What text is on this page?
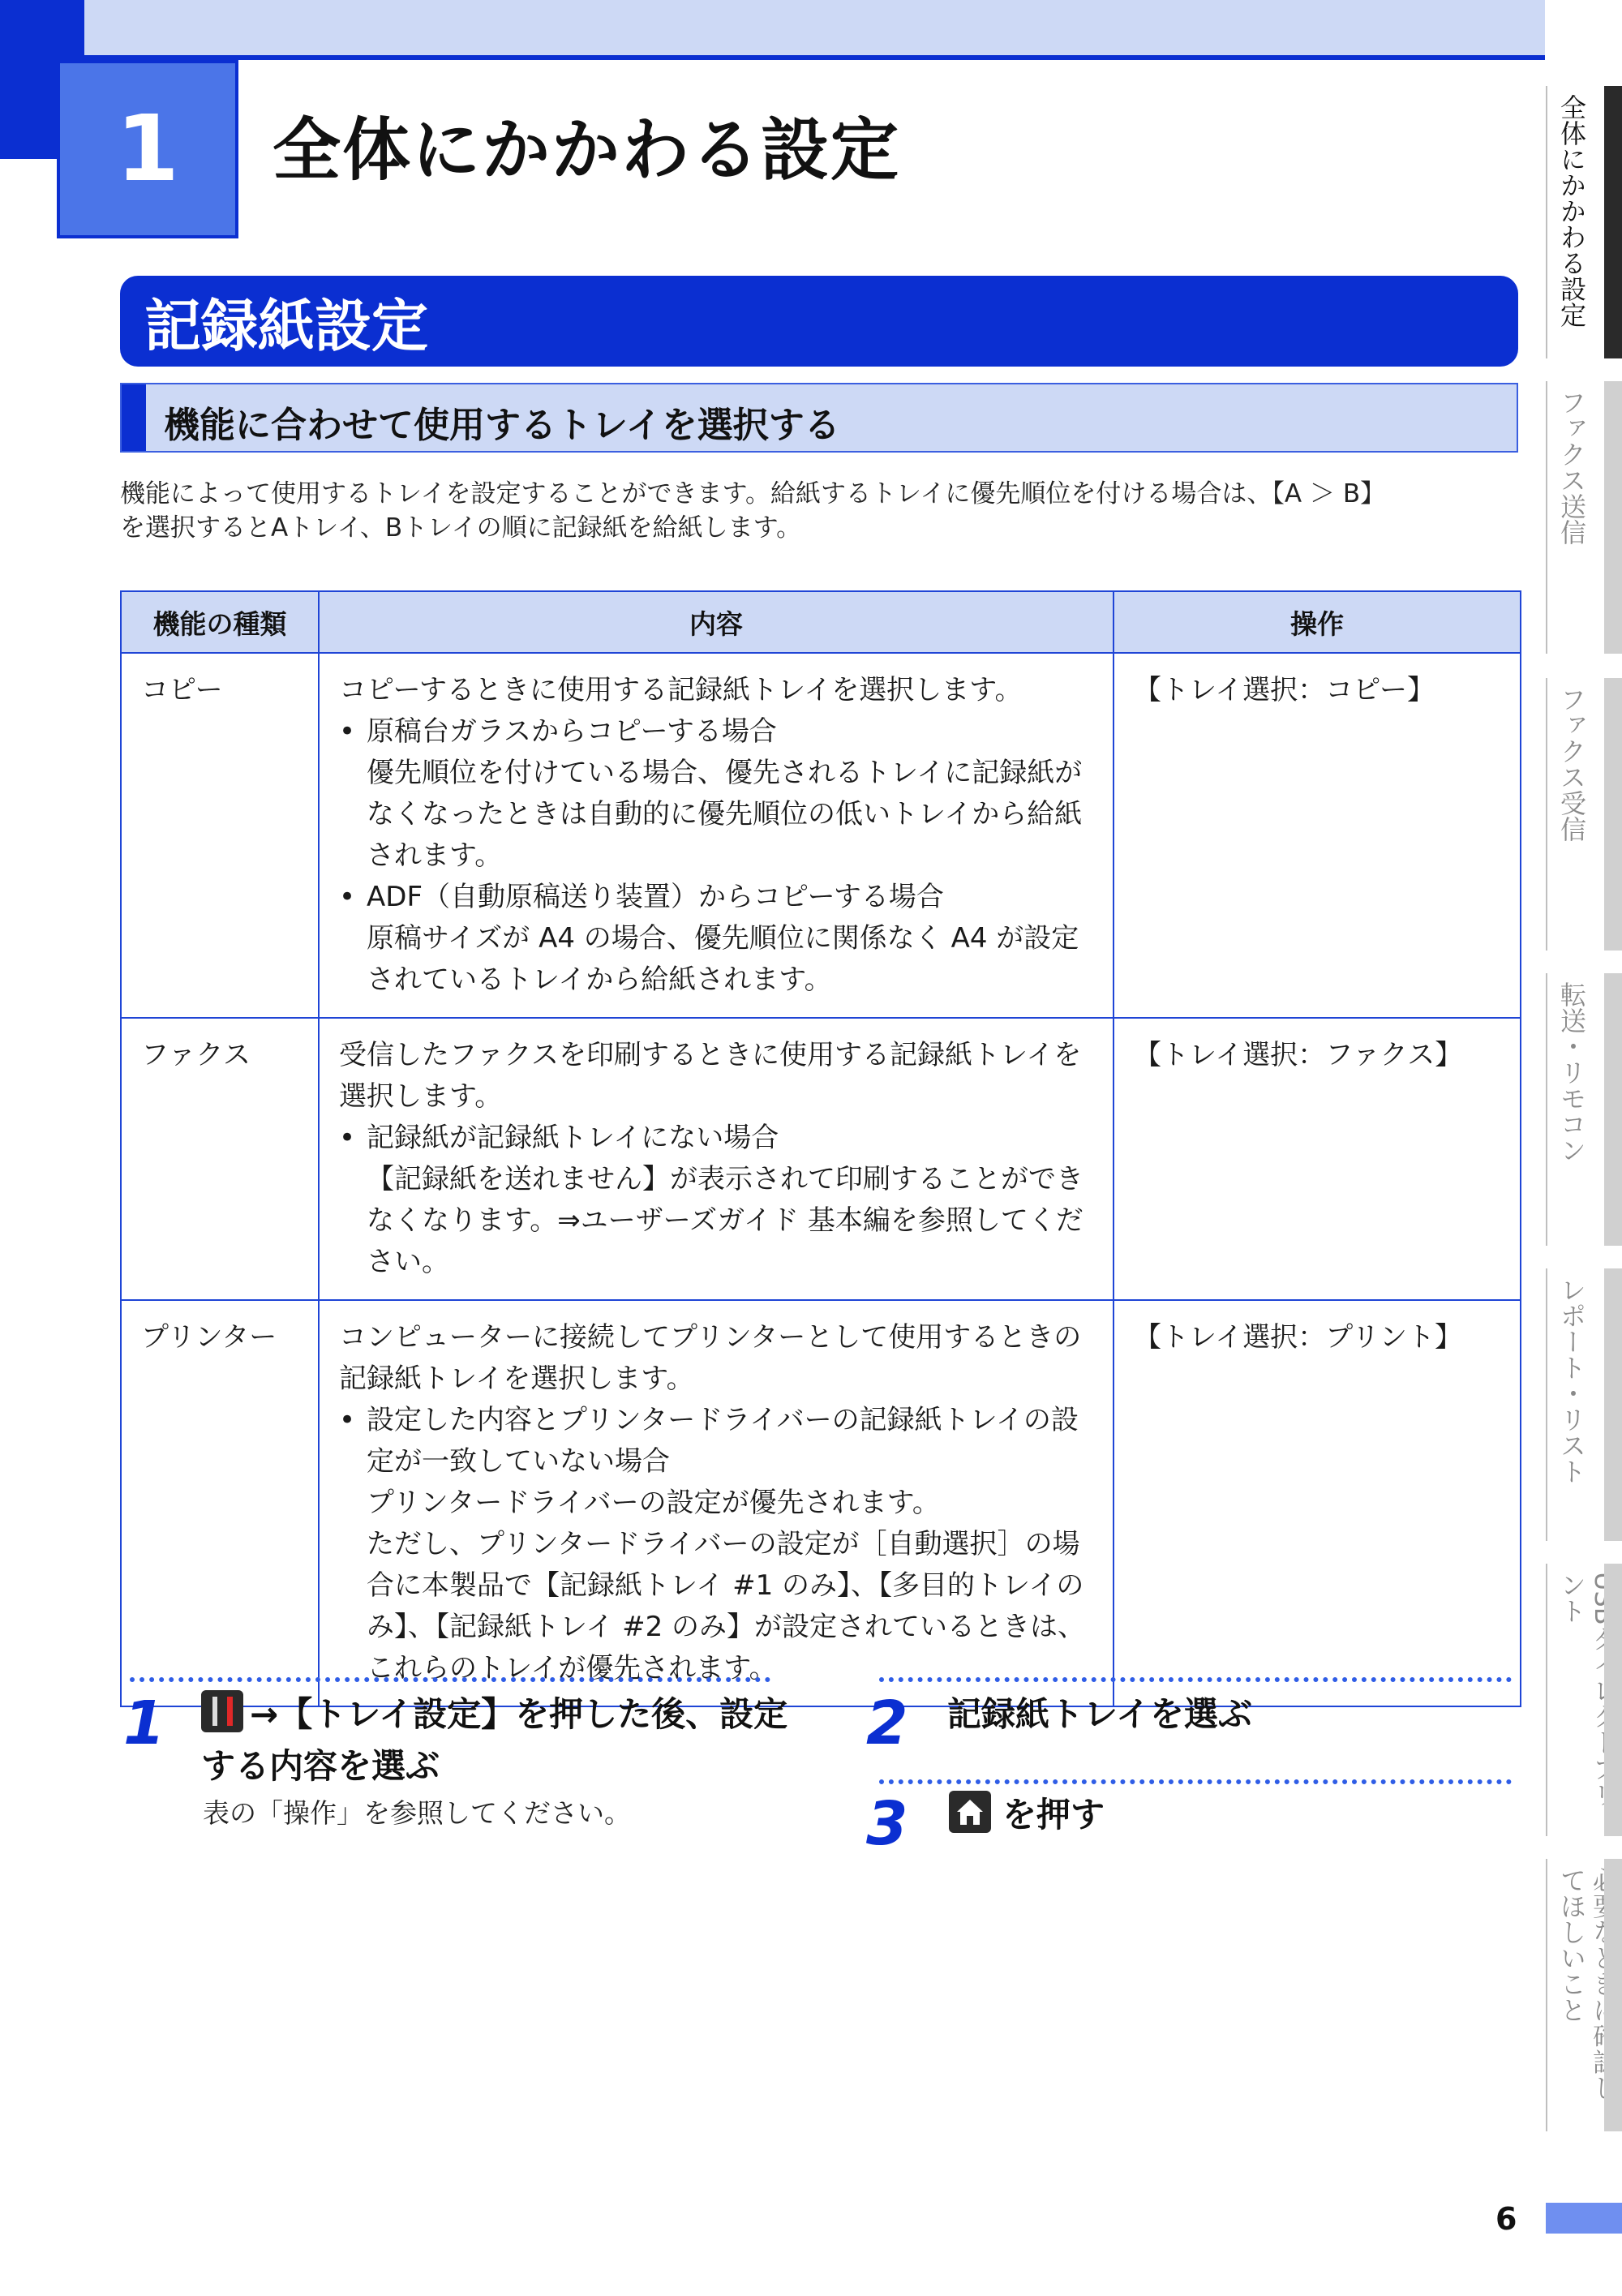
1	全体にかかわる設定
記録紙設定
機能に合わせて使用するトレイを選択する
機能によって使用するトレイを設定することができます。給紙するトレイに優先順位を付ける場合は、【A ＞ B】
を選択するとAトレイ、Bトレイの順に記録紙を給紙します。
機能の種類	内容	操作
コピー	コピーするときに使用する記録紙トレイを選択します。
• 原稿台ガラスからコピーする場合
優先順位を付けている場合、優先されるトレイに記録紙がなくなったときは自動的に優先順位の低いトレイから給紙されます。
• ADF（自動原稿送り装置）からコピーする場合
原稿サイズが A4 の場合、優先順位に関係なく A4 が設定されているトレイから給紙されます。	【トレイ選択：コピー】
ファクス	受信したファクスを印刷するときに使用する記録紙トレイを選択します。
• 記録紙が記録紙トレイにない場合
【記録紙を送れません】が表示されて印刷することができなくなります。⇒ユーザーズガイド 基本編を参照してください。	【トレイ選択：ファクス】
プリンター	コンピューターに接続してプリンターとして使用するときの記録紙トレイを選択します。
• 設定した内容とプリンタードライバーの記録紙トレイの設定が一致していない場合
プリンタードライバーの設定が優先されます。
ただし、プリンタードライバーの設定が［自動選択］の場合に本製品で【記録紙トレイ #1 のみ】、【多目的トレイのみ】、【記録紙トレイ #2 のみ】が設定されているときは、これらのトレイが優先されます。	【トレイ選択：プリント】
1	→【トレイ設定】を押した後、設定する内容を選ぶ
表の「操作」を参照してください。
2 記録紙トレイを選ぶ
3	を押す
全体にかかわる設定
ファクス送信
ファクス受信
転送・リモコン
レポート・リスト
ント
てほしいこと
6
